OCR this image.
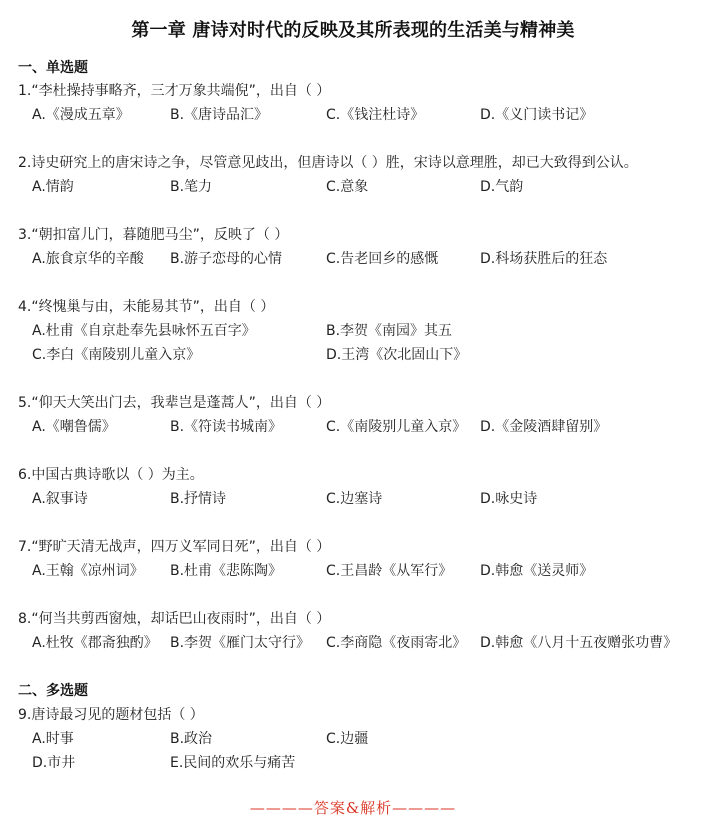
第一章 唐诗对时代的反映及其所表现的生活美与精神美
一、单选题
1.“李杜操持事略齐，三才万象共端倪”，出自（ ）
A.《漫成五章》	B.《唐诗品汇》	C.《钱注杜诗》	D.《义门读书记》
2.诗史研究上的唐宋诗之争，尽管意见歧出，但唐诗以（ ）胜，宋诗以意理胜，却已大致得到公认。
A.情韵	B.笔力	C.意象	D.气韵
3.“朝扣富儿门，暮随肥马尘”，反映了（ ）
A.旅食京华的辛酸 B.游子恋母的心情	C.告老回乡的感慨	D.科场获胜后的狂态
4.“终愧巢与由，未能易其节”，出自（ ）
A.杜甫《自京赴奉先县咏怀五百字》	B.李贺《南园》其五
C.李白《南陵别儿童入京》	D.王湾《次北固山下》
5.“仰天大笑出门去，我辈岂是蓬蒿人”，出自（ ）
A.《嘲鲁儒》	B.《符读书城南》	C.《南陵别儿童入京》 D.《金陵酒肆留别》
6.中国古典诗歌以（ ）为主。
A.叙事诗	B.抒情诗	C.边塞诗	D.咏史诗
7.“野旷天清无战声，四万义军同日死”，出自（ ）
A.王翰《凉州词》 B.杜甫《悲陈陶》	C.王昌龄《从军行》 D.韩愈《送灵师》
8.“何当共剪西窗烛，却话巴山夜雨时”，出自（ ）
A.杜牧《郡斋独酌》 B.李贺《雁门太守行》 C.李商隐《夜雨寄北》 D.韩愈《八月十五夜赠张功曹》
二、多选题
9.唐诗最习见的题材包括（ ）
A.时事	B.政治	C.边疆
D.市井	E.民间的欢乐与痛苦
————答案&解析————
